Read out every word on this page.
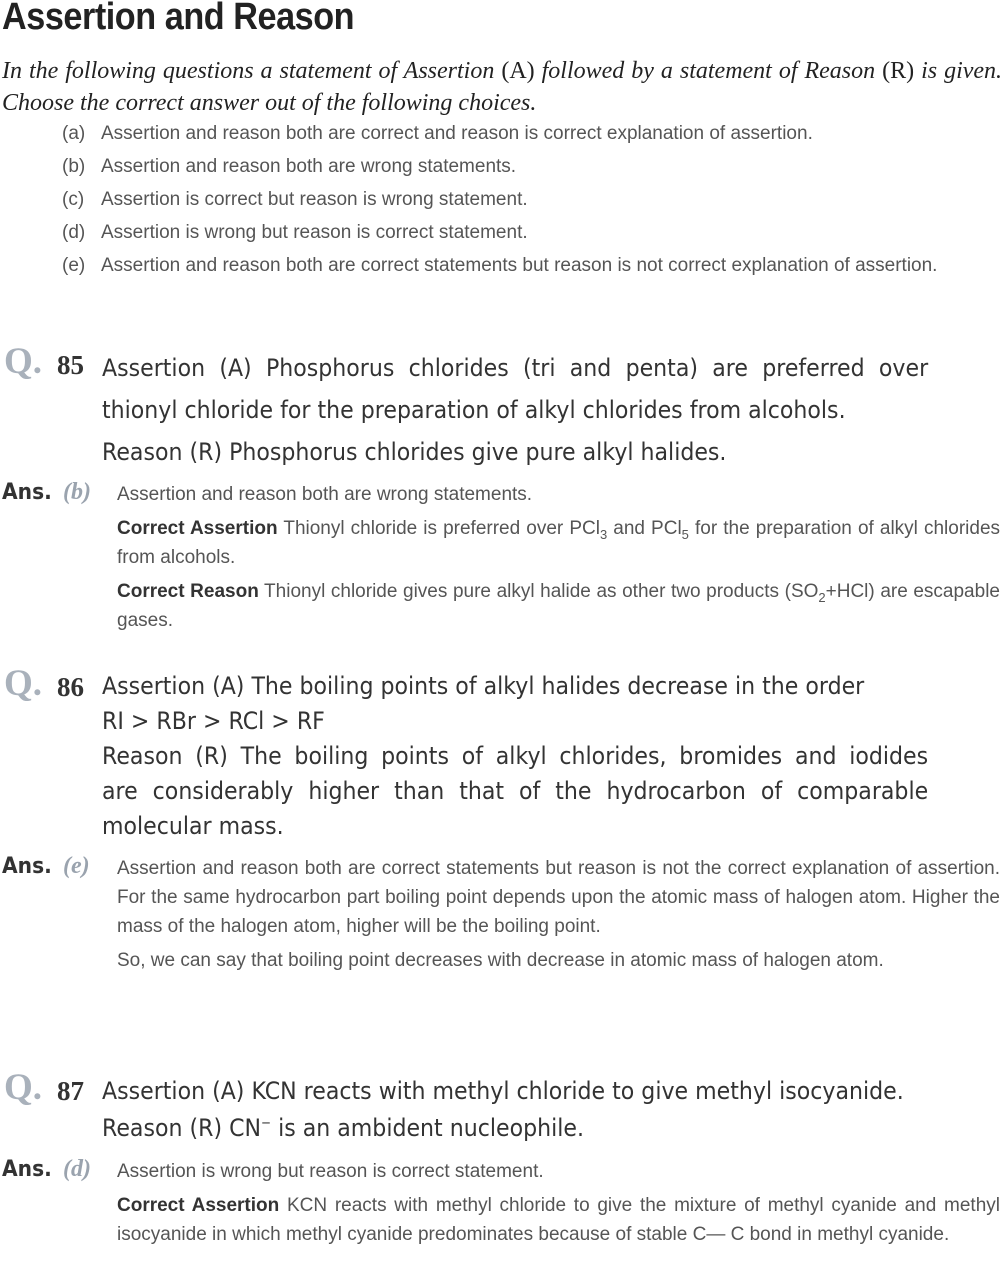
Assertion and Reason

In the following questions a statement of Assertion (A) followed by a statement of Reason (R) is given. Choose the correct answer out of the following choices.

(a) Assertion and reason both are correct and reason is correct explanation of assertion.
(b) Assertion and reason both are wrong statements.
(c) Assertion is correct but reason is wrong statement.
(d) Assertion is wrong but reason is correct statement.
(e) Assertion and reason both are correct statements but reason is not correct explanation of assertion.
Q. 85 Assertion (A) Phosphorus chlorides (tri and penta) are preferred over
thionyl chloride for the preparation of alkyl chlorides from alcohols.
Reason (R) Phosphorus chlorides give pure alkyl halides.
Ans. (b) Assertion and reason both are wrong statements.

Correct Assertion Thionyl chloride is preferred over PCl$_3$ and PCl$_5$ for the preparation of alkyl chlorides from alcohols.

Correct Reason Thionyl chloride gives pure alkyl halide as other two products $(SO_2+HCl)$ are escapable gases.

Q. 86 Assertion (A) The boiling points of alkyl halides decrease in the order
RI > RBr > RCl > RF
Reason (R) The boiling points of alkyl chlorides, bromides and iodides
are considerably higher than that of the hydrocarbon of comparable
molecular mass.
Ans. (e) Assertion and reason both are correct statements but reason is not the correct explanation of assertion. For the same hydrocarbon part boiling point depends upon the atomic mass of halogen atom. Higher the mass of the halogen atom, higher will be the boiling point.

So, we can say that boiling point decreases with decrease in atomic mass of halogen atom.

Q. 87 Assertion (A) KCN reacts with methyl chloride to give methyl isocyanide.
Reason (R) CN− is an ambident nucleophile.
Ans. (d) Assertion is wrong but reason is correct statement.

Correct Assertion KCN reacts with methyl chloride to give the mixture of methyl cyanide and methyl isocyanide in which methyl cyanide predominates because of stable C— C bond in methyl cyanide.
